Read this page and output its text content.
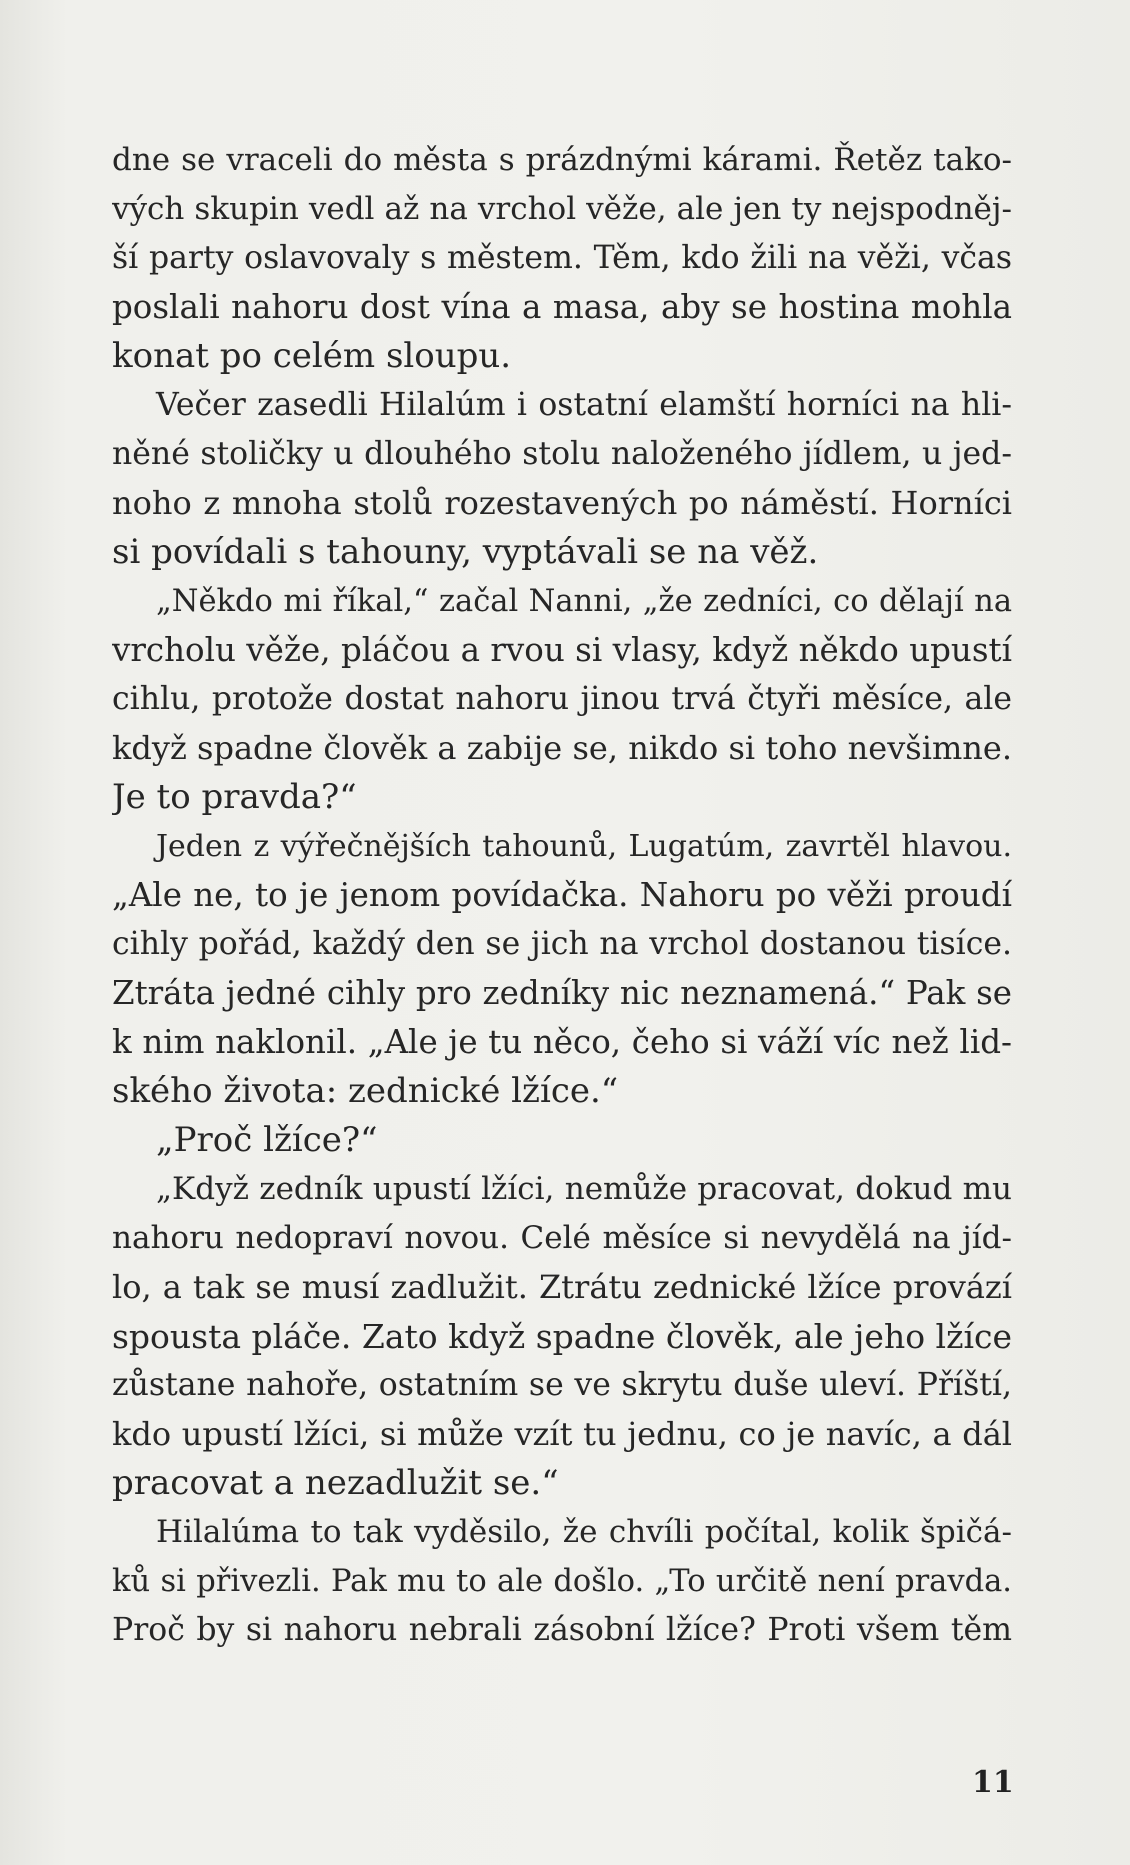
dne se vraceli do města s prázdnými kárami. Řetěz tako-
vých skupin vedl až na vrchol věže, ale jen ty nejspodněj-
ší party oslavovaly s městem. Těm, kdo žili na věži, včas
poslali nahoru dost vína a masa, aby se hostina mohla
konat po celém sloupu.
Večer zasedli Hilalúm i ostatní elamští horníci na hli-
něné stoličky u dlouhého stolu naloženého jídlem, u jed-
noho z mnoha stolů rozestavených po náměstí. Horníci
si povídali s tahouny, vyptávali se na věž.
„Někdo mi říkal,“ začal Nanni, „že zedníci, co dělají na
vrcholu věže, pláčou a rvou si vlasy, když někdo upustí
cihlu, protože dostat nahoru jinou trvá čtyři měsíce, ale
když spadne člověk a zabije se, nikdo si toho nevšimne.
Je to pravda?“
Jeden z výřečnějších tahounů, Lugatúm, zavrtěl hlavou.
„Ale ne, to je jenom povídačka. Nahoru po věži proudí
cihly pořád, každý den se jich na vrchol dostanou tisíce.
Ztráta jedné cihly pro zedníky nic neznamená.“ Pak se
k nim naklonil. „Ale je tu něco, čeho si váží víc než lid-
ského života: zednické lžíce.“
„Proč lžíce?“
„Když zedník upustí lžíci, nemůže pracovat, dokud mu
nahoru nedopraví novou. Celé měsíce si nevydělá na jíd-
lo, a tak se musí zadlužit. Ztrátu zednické lžíce provází
spousta pláče. Zato když spadne člověk, ale jeho lžíce
zůstane nahoře, ostatním se ve skrytu duše uleví. Příští,
kdo upustí lžíci, si může vzít tu jednu, co je navíc, a dál
pracovat a nezadlužit se.“
Hilalúma to tak vyděsilo, že chvíli počítal, kolik špičá-
ků si přivezli. Pak mu to ale došlo. „To určitě není pravda.
Proč by si nahoru nebrali zásobní lžíce? Proti všem těm
11
